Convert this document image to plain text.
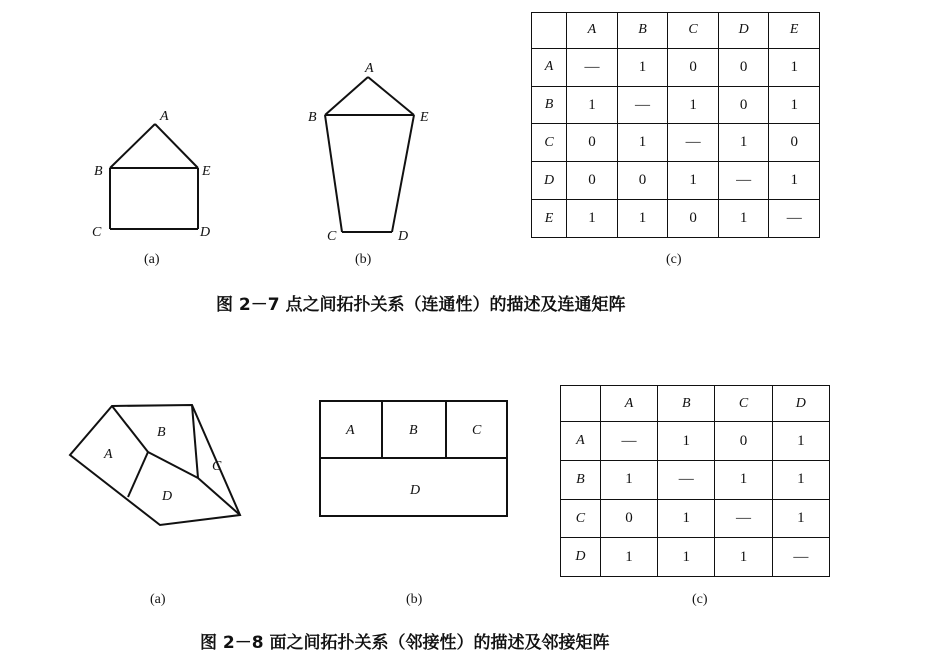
A
B	E
C	D
(a)
A
B	E
C	D
(b)	(c)
图 2－7 点之间拓扑关系（连通性）的描述及连通矩阵
A
B
C
D
(a)
A	B	C
D
(b)	(c)
图 2－8 面之间拓扑关系（邻接性）的描述及邻接矩阵
	A	B	C	D	E
A	—	1	0	0	1
B	1	—	1	0	1
C	0	1	—	1	0
D	0	0	1	—	1
E	1	1	0	1	—
	A	B	C	D
A	—	1	0	1
B	1	—	1	1
C	0	1	—	1
D	1	1	1	—
